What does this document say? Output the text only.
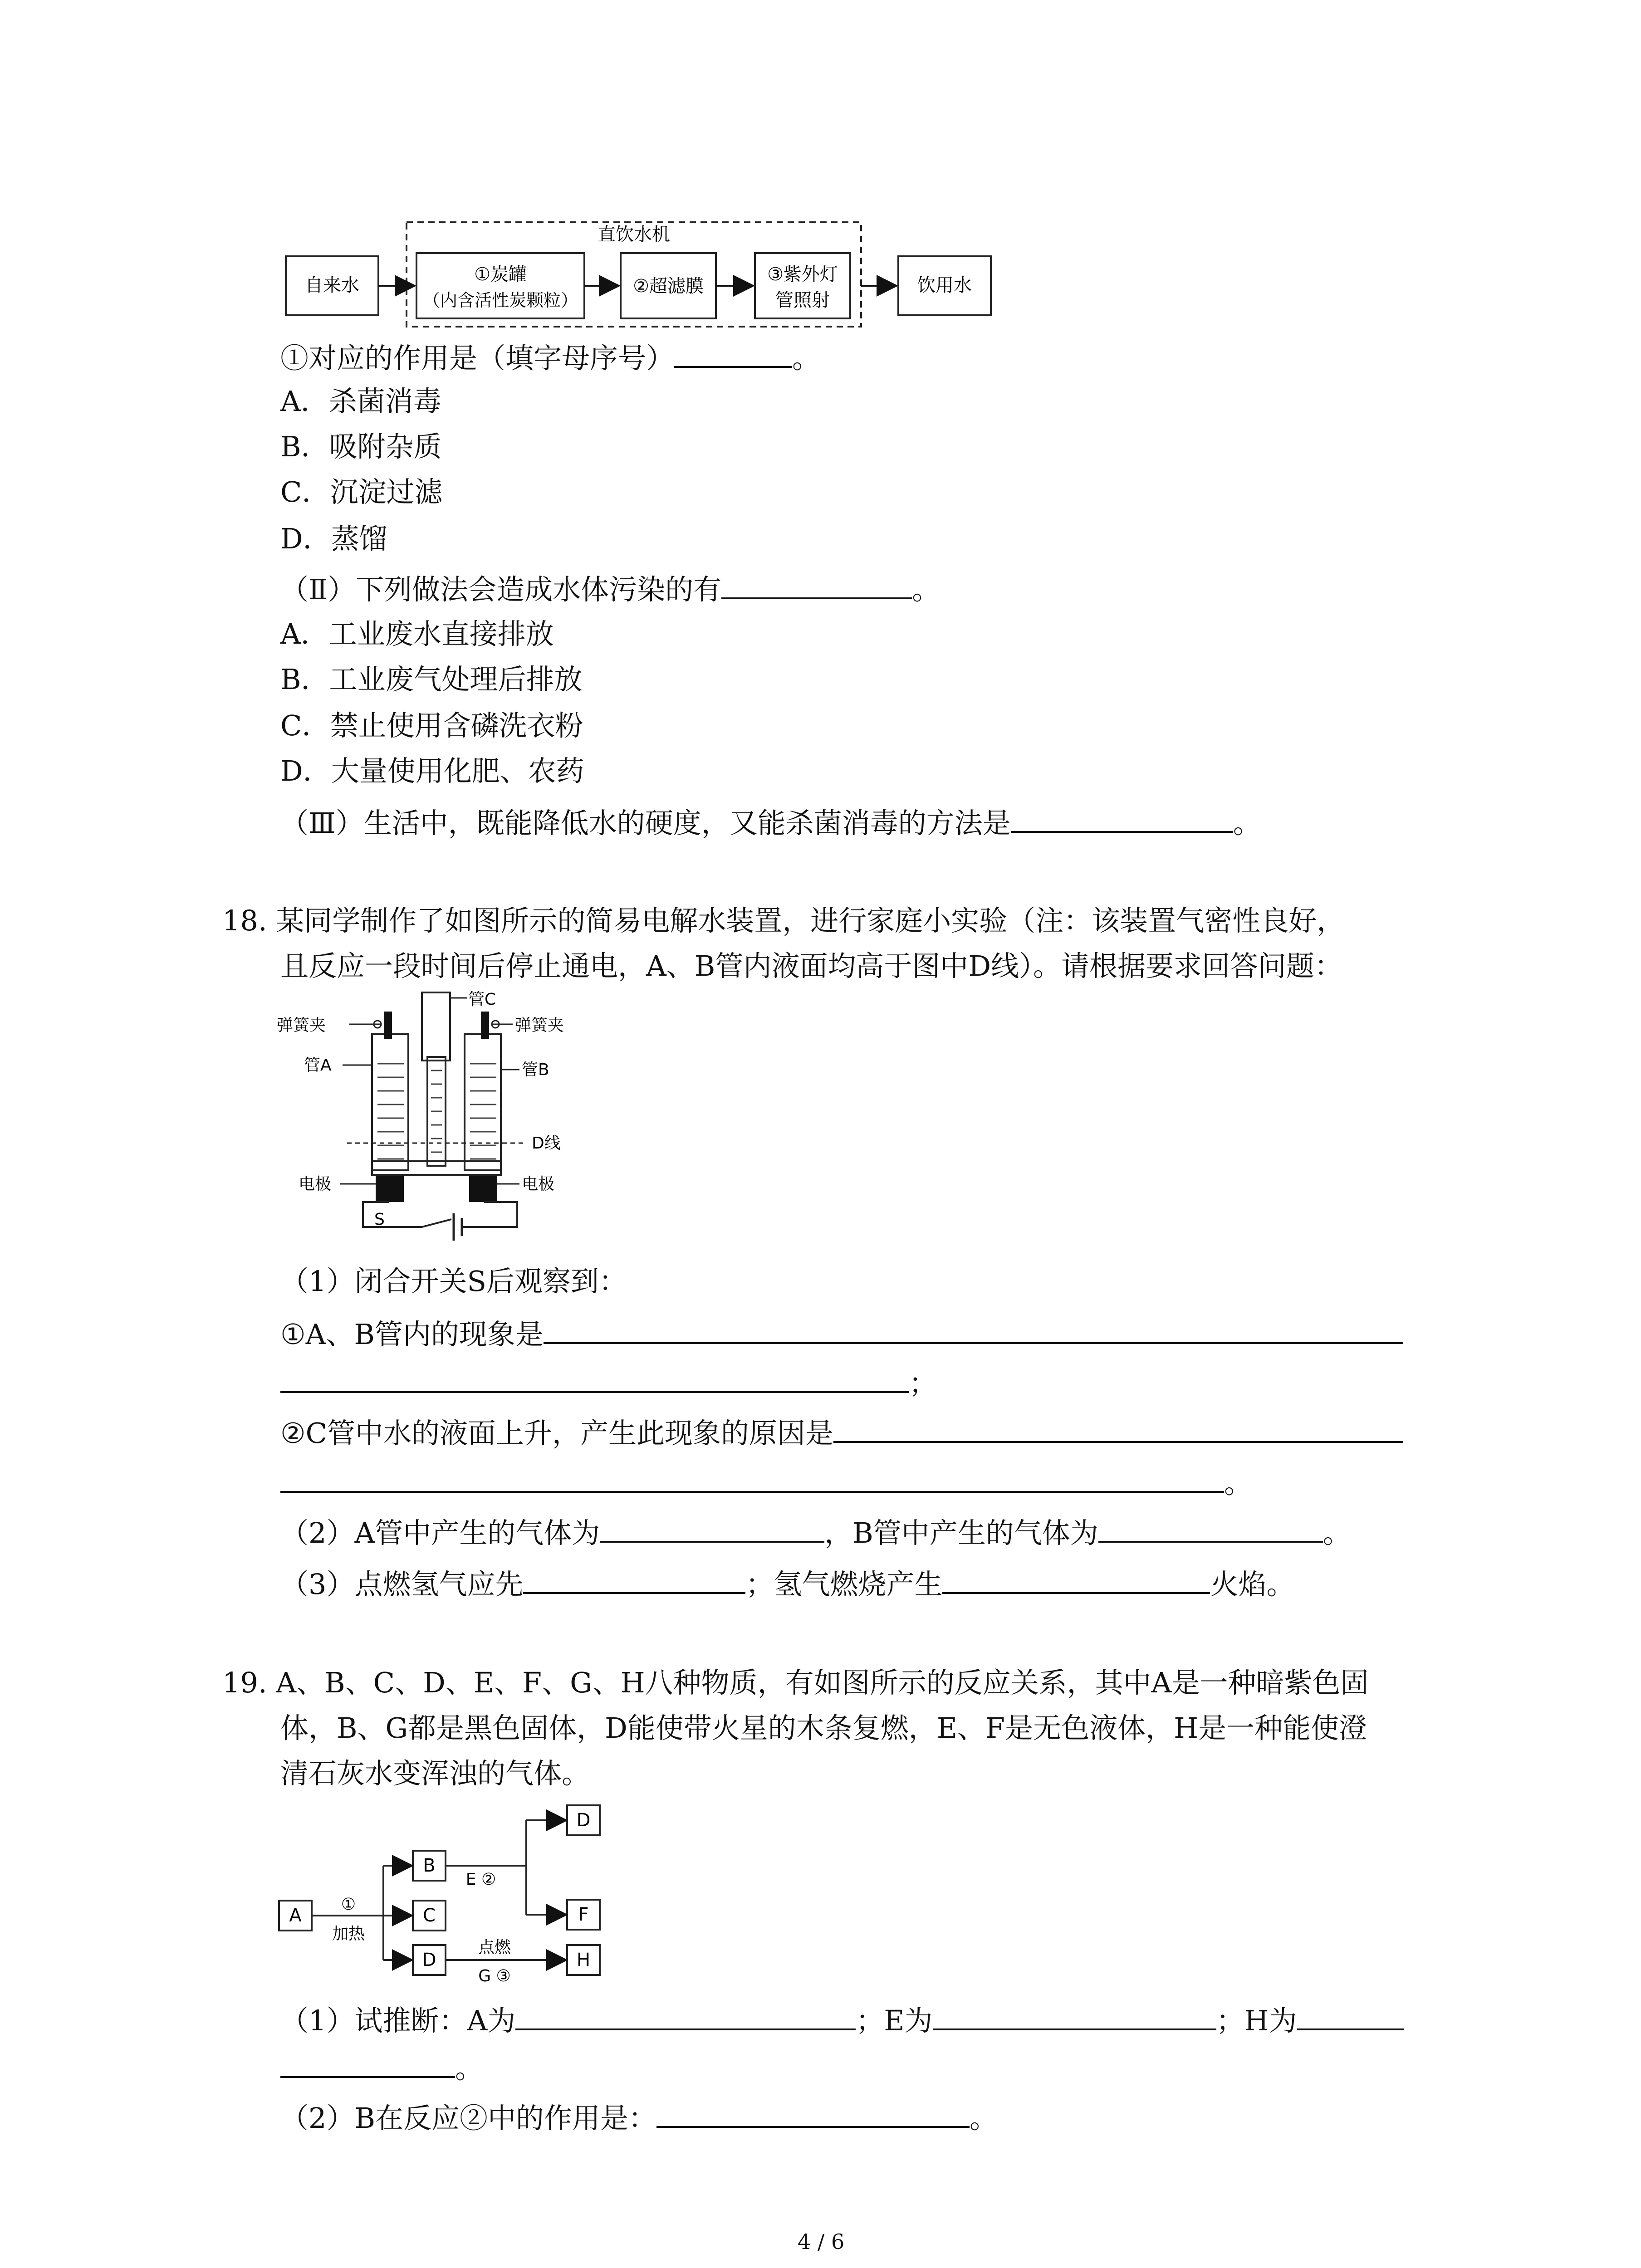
直饮水机
自来水
①炭罐
（内含活性炭颗粒）
②超滤膜
③紫外灯
管照射
饮用水
①对应的作用是（填字母序号）	。
A．杀菌消毒
B．吸附杂质
C．沉淀过滤
D．蒸馏
（Ⅱ）下列做法会造成水体污染的有	。
A．工业废水直接排放
B．工业废气处理后排放
C．禁止使用含磷洗衣粉
D．大量使用化肥、农药
（Ⅲ）生活中，既能降低水的硬度，又能杀菌消毒的方法是	。
18. 某同学制作了如图所示的简易电解水装置，进行家庭小实验（注：该装置气密性良好，
且反应一段时间后停止通电，A、B管内液面均高于图中D线）。请根据要求回答问题：
管C
D线
弹簧夹	弹簧夹
管A	管B
电极	电极
S
（1）闭合开关S后观察到：
①A、B管内的现象是
；
②C管中水的液面上升，产生此现象的原因是
。
（2）A管中产生的气体为	，B管中产生的气体为	。
（3）点燃氢气应先	；氢气燃烧产生	火焰。
19. A、B、C、D、E、F、G、H八种物质，有如图所示的反应关系，其中A是一种暗紫色固
体，B、G都是黑色固体，D能使带火星的木条复燃，E、F是无色液体，H是一种能使澄
清石灰水变浑浊的气体。
A
B
C
D
D
F
H
①
加热
E ②
点燃
G ③
（1）试推断：A为	；E为	；H为
。
（2）B在反应②中的作用是：	。
4 / 6
